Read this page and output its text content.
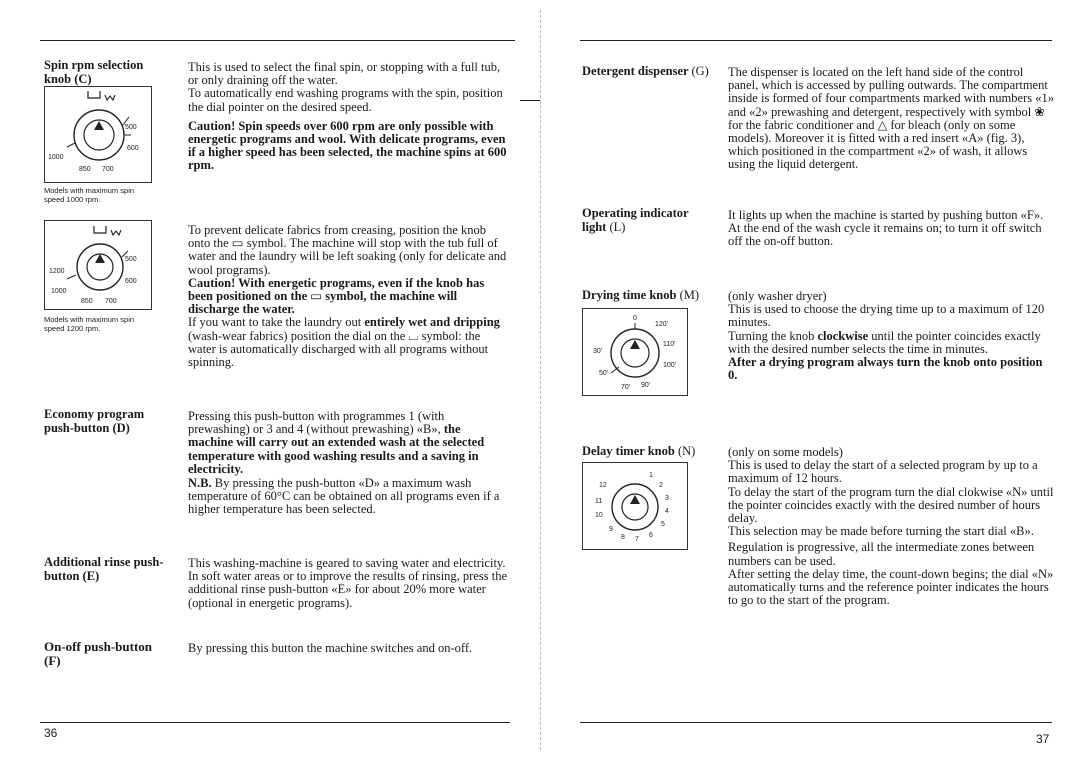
Spin rpm selection knob (C)

This is used to select the final spin, or stopping with a full tub, or only draining off the water.

To automatically end washing programs with the spin, position the dial pointer on the desired speed.

Caution! Spin speeds over 600 rpm are only possible with energetic programs and wool. With delicate programs, even if a higher speed has been selected, the machine spins at 600 rpm.

500
600
1000
850 700
Models with maximum spin speed 1000 rpm.

To prevent delicate fabrics from creasing, position the knob onto the ▭ symbol. The machine will stop with the tub full of water and the laundry will be left soaking (only for delicate and wool programs).

Caution! With energetic programs, even if the knob has been positioned on the ▭ symbol, the machine will discharge the water.

If you want to take the laundry out entirely wet and dripping (wash-wear fabrics) position the dial on the ⌴ symbol: the water is automatically discharged with all programs without spinning.

500
1200
600
1000
850 700
Models with maximum spin speed 1200 rpm.
Economy program push-button (D)

Pressing this push-button with programmes 1 (with prewashing) or 3 and 4 (without prewashing) «B», the machine will carry out an extended wash at the selected temperature with good washing results and a saving in electricity.

N.B. By pressing the push-button «D» a maximum wash temperature of 60°C can be obtained on all programs even if a higher temperature has been selected.

Additional rinse push-button (E)

This washing-machine is geared to saving water and electricity. In soft water areas or to improve the results of rinsing, press the additional rinse push-button «E» for about 20% more water (optional in energetic programs).

On-off push-button (F)

By pressing this button the machine switches and on-off.

36
Detergent dispenser (G)	The dispenser is located on the left hand side of the control panel, which is accessed by pulling outwards. The compartment inside is formed of four compartments marked with numbers «1» and «2» prewashing and detergent, respectively with symbol ❀ for the fabric conditioner and △ for bleach (only on some models). Moreover it is fitted with a red insert «A» (fig. 3), which positioned in the compartment «2» of wash, it allows using the liquid detergent.

Operating indicator light (L)

It lights up when the machine is started by pushing button «F». At the end of the wash cycle it remains on; to turn it off switch off the on-off button.

Drying time knob (M)	(only washer dryer)

This is used to choose the drying time up to a maximum of 120 minutes.

Turning the knob clockwise until the pointer coincides exactly with the desired number selects the time in minutes.

After a drying program always turn the knob onto position 0.

0
120'
110'
30'
100'
50'
70' 90'
Delay timer knob (N)	(only on some models)

This is used to delay the start of a selected program by up to a maximum of 12 hours.

To delay the start of the program turn the dial clokwise «N» until the pointer coincides exactly with the desired number of hours delay.

This selection may be made before turning the start dial «B».

Regulation is progressive, all the intermediate zones between numbers can be used.

After setting the delay time, the count-down begins; the dial «N» automatically turns and the reference pointer indicates the hours to go to the start of the program.

1
2
3
4
5
6
7
8
9
10
11
12
37
